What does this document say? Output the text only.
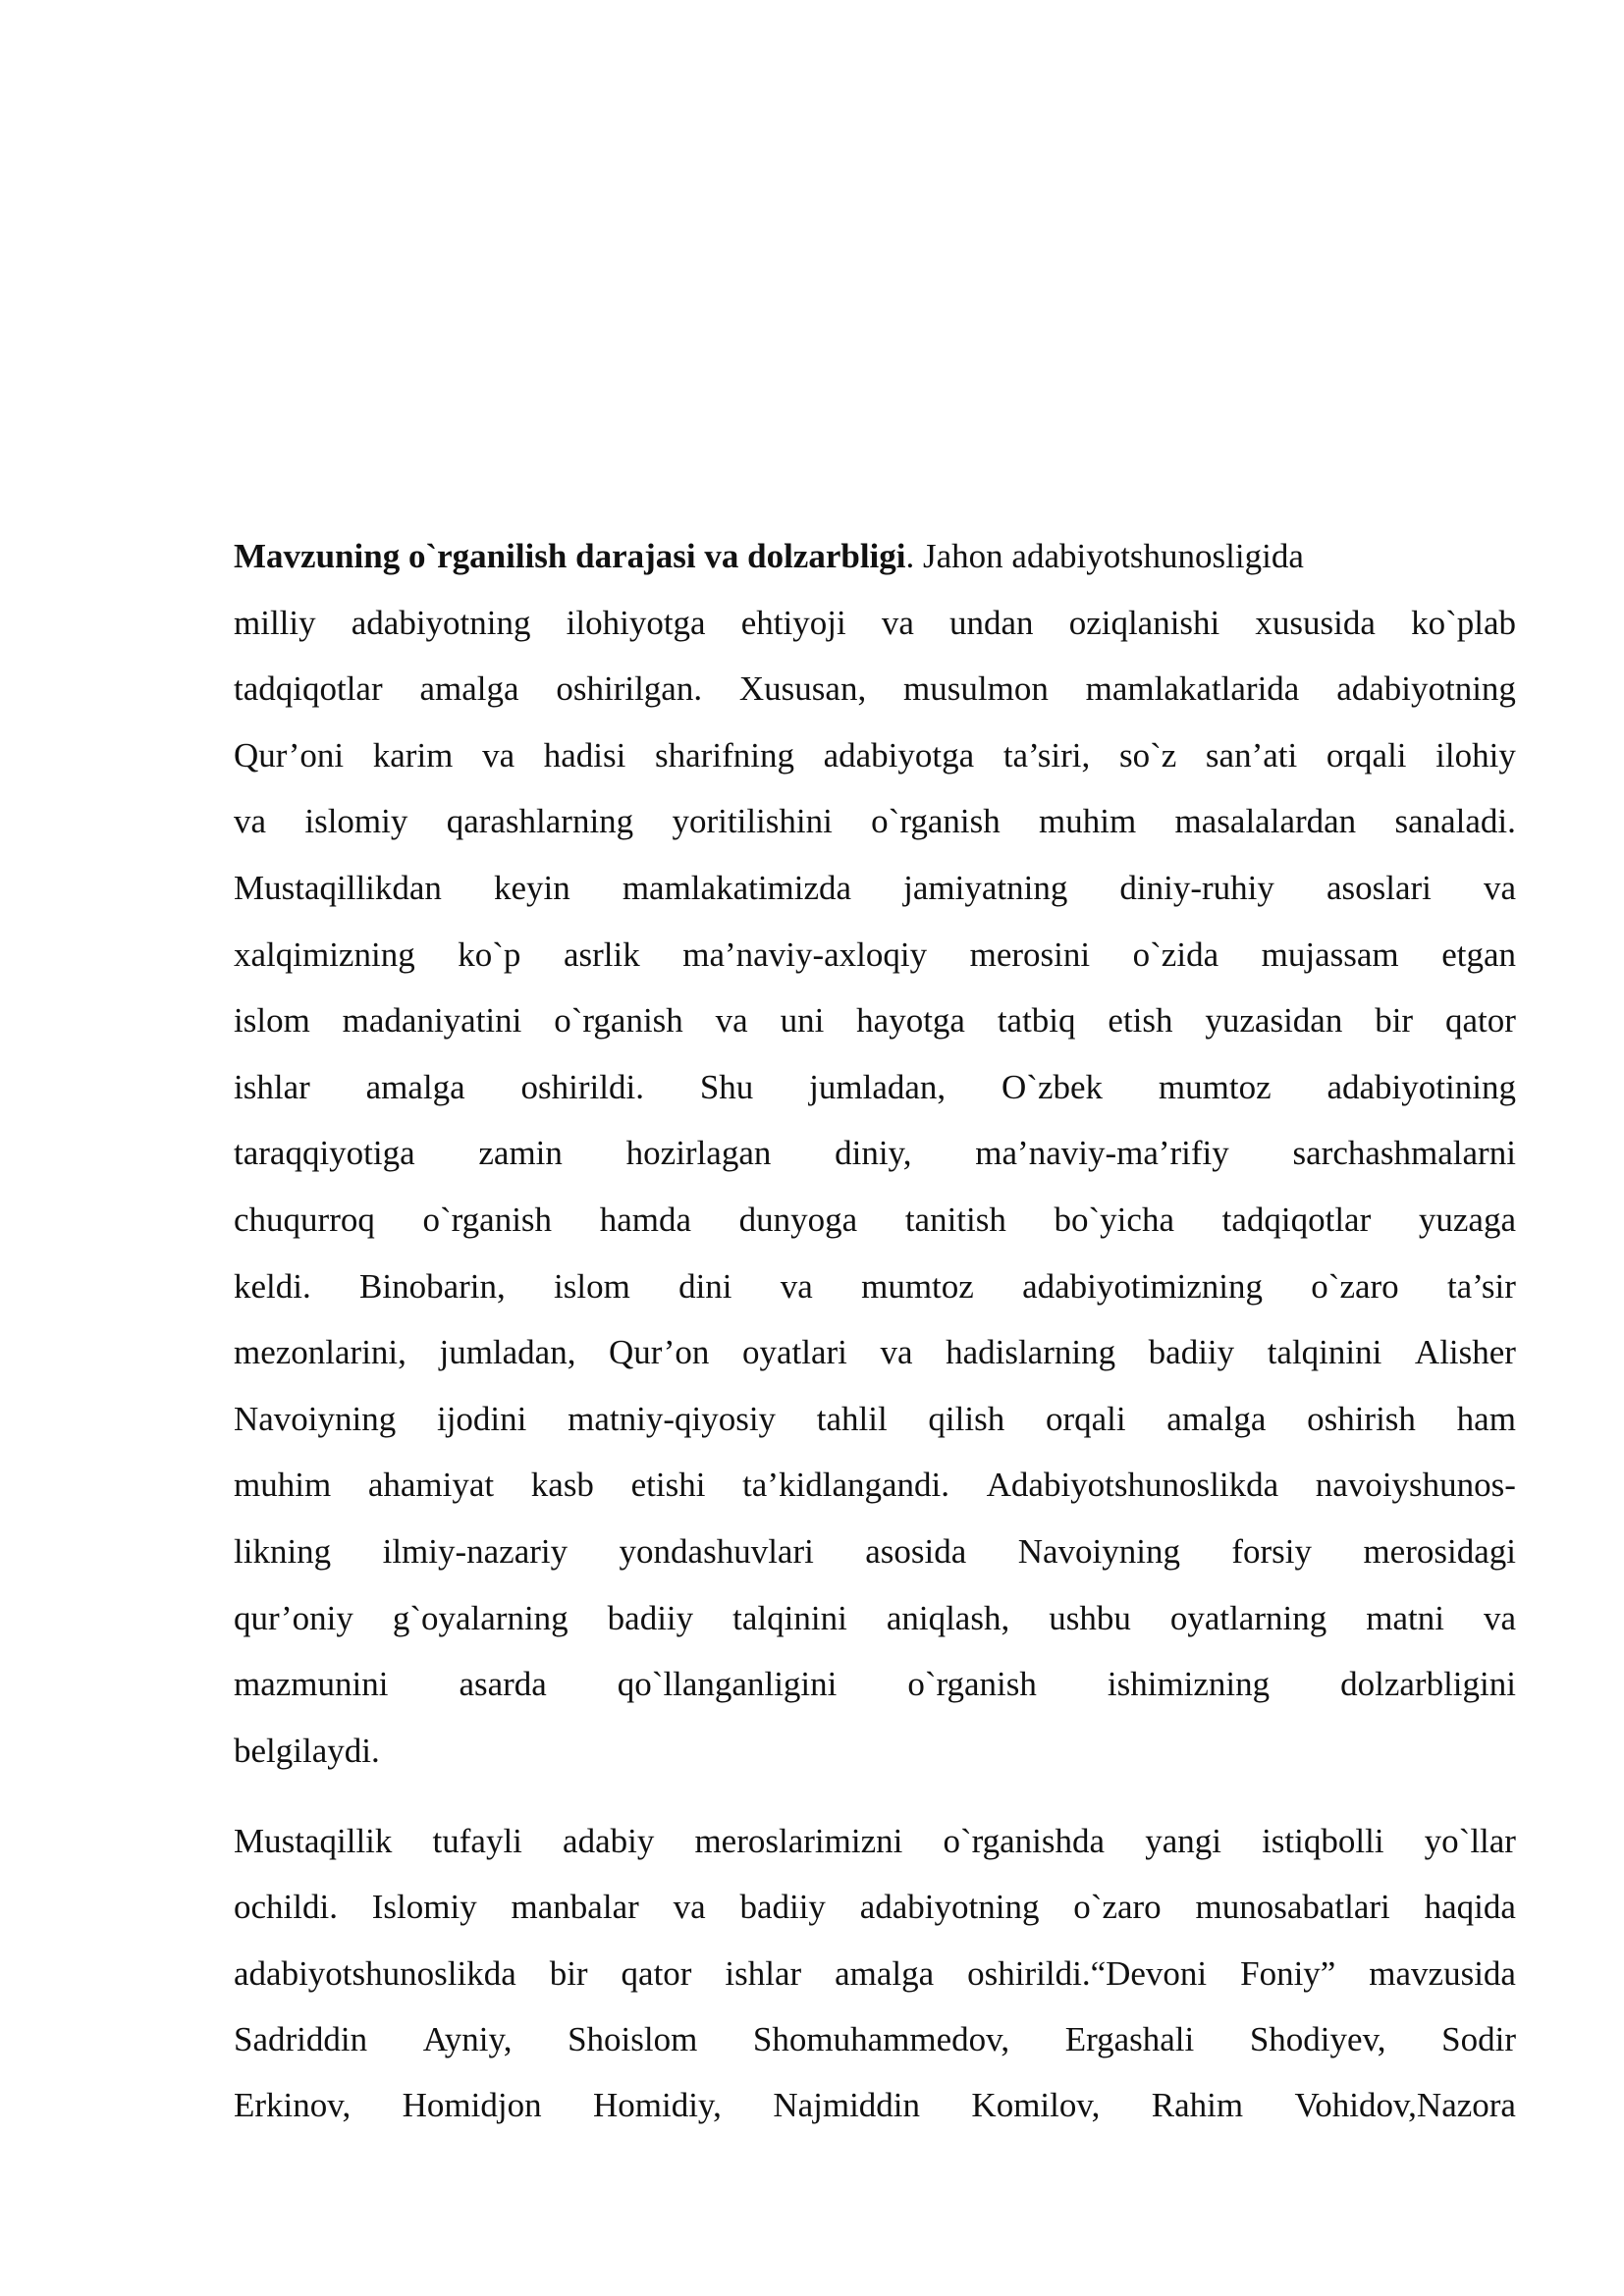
Mavzuning o`rganilish darajasi va dolzarbligi. Jahon adabiyotshunosligida
milliy adabiyotning ilohiyotga ehtiyoji va undan oziqlanishi xususida ko`plab
tadqiqotlar amalga oshirilgan. Xususan, musulmon mamlakatlarida adabiyotning
Qur’oni karim va hadisi sharifning adabiyotga ta’siri, so`z san’ati orqali ilohiy
va islomiy qarashlarning yoritilishini o`rganish muhim masalalardan sanaladi.
Mustaqillikdan keyin mamlakatimizda jamiyatning diniy-ruhiy asoslari va
xalqimizning ko`p asrlik ma’naviy-axloqiy merosini o`zida mujassam etgan
islom madaniyatini o`rganish va uni hayotga tatbiq etish yuzasidan bir qator
ishlar amalga oshirildi. Shu jumladan, O`zbek mumtoz adabiyotining
taraqqiyotiga zamin hozirlagan diniy, ma’naviy-ma’rifiy sarchashmalarni
chuqurroq o`rganish hamda dunyoga tanitish bo`yicha tadqiqotlar yuzaga
keldi. Binobarin, islom dini va mumtoz adabiyotimizning o`zaro ta’sir
mezonlarini, jumladan, Qur’on oyatlari va hadislarning badiiy talqinini Alisher
Navoiyning ijodini matniy-qiyosiy tahlil qilish orqali amalga oshirish ham
muhim ahamiyat kasb etishi ta’kidlangandi. Adabiyotshunoslikda navoiyshunos-
likning ilmiy-nazariy yondashuvlari asosida Navoiyning forsiy merosidagi
qur’oniy g`oyalarning badiiy talqinini aniqlash, ushbu oyatlarning matni va
mazmunini asarda qo`llanganligini o`rganish ishimizning dolzarbligini
belgilaydi.
Mustaqillik tufayli adabiy meroslarimizni o`rganishda yangi istiqbolli yo`llar
ochildi. Islomiy manbalar va badiiy adabiyotning o`zaro munosabatlari haqida
adabiyotshunoslikda bir qator ishlar amalga oshirildi.“Devoni Foniy” mavzusida
Sadriddin Ayniy, Shoislom Shomuhammedov, Ergashali Shodiyev, Sodir
Erkinov, Homidjon Homidiy, Najmiddin Komilov, Rahim Vohidov,Nazora
